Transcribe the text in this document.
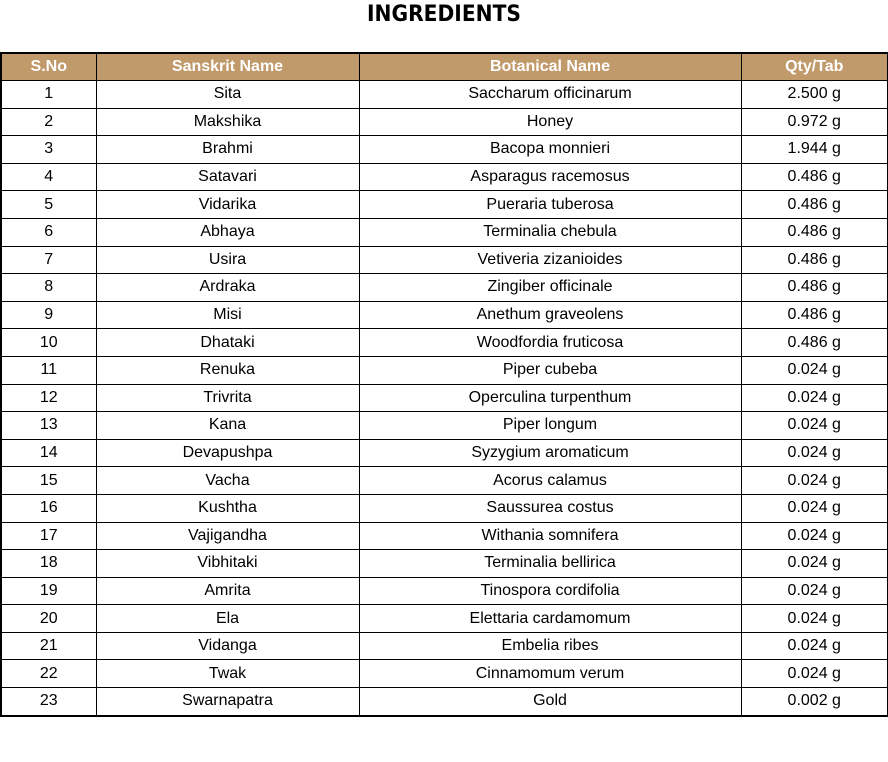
INGREDIENTS
S.No	Sanskrit Name	Botanical Name	Qty/Tab
1	Sita	Saccharum officinarum	2.500 g
2	Makshika	Honey	0.972 g
3	Brahmi	Bacopa monnieri	1.944 g
4	Satavari	Asparagus racemosus	0.486 g
5	Vidarika	Pueraria tuberosa	0.486 g
6	Abhaya	Terminalia chebula	0.486 g
7	Usira	Vetiveria zizanioides	0.486 g
8	Ardraka	Zingiber officinale	0.486 g
9	Misi	Anethum graveolens	0.486 g
10	Dhataki	Woodfordia fruticosa	0.486 g
11	Renuka	Piper cubeba	0.024 g
12	Trivrita	Operculina turpenthum	0.024 g
13	Kana	Piper longum	0.024 g
14	Devapushpa	Syzygium aromaticum	0.024 g
15	Vacha	Acorus calamus	0.024 g
16	Kushtha	Saussurea costus	0.024 g
17	Vajigandha	Withania somnifera	0.024 g
18	Vibhitaki	Terminalia bellirica	0.024 g
19	Amrita	Tinospora cordifolia	0.024 g
20	Ela	Elettaria cardamomum	0.024 g
21	Vidanga	Embelia ribes	0.024 g
22	Twak	Cinnamomum verum	0.024 g
23	Swarnapatra	Gold	0.002 g
